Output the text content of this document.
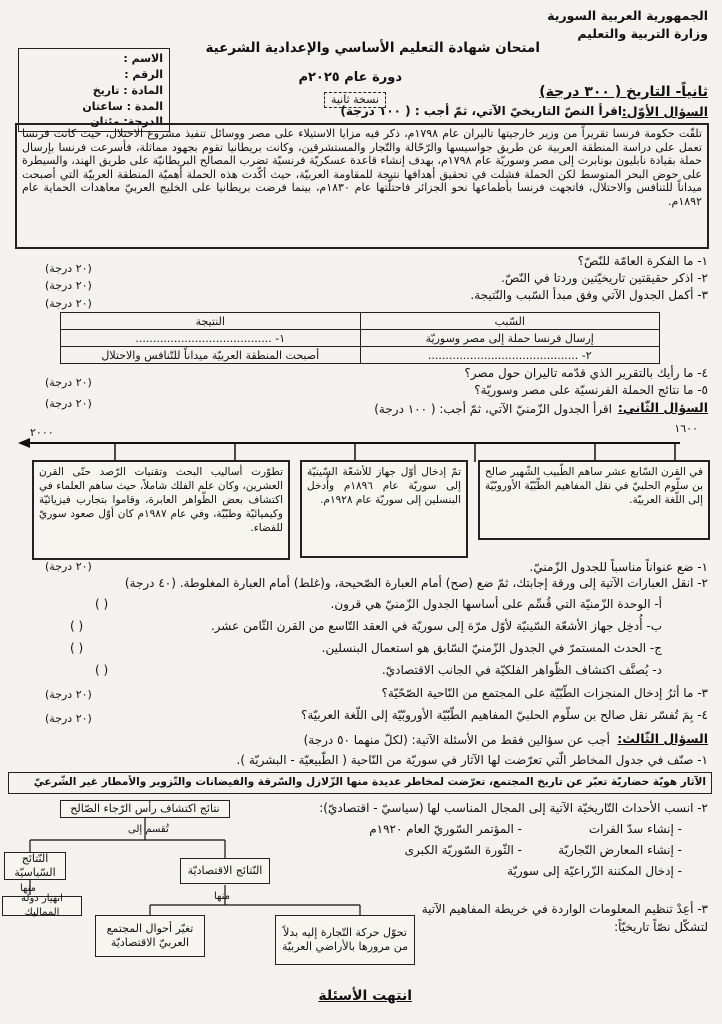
الجمهورية العربية السورية
وزارة التربية والتعليم
امتحان شهادة التعليم الأساسي والإعدادية الشرعية
دورة عام ٢٠٢٥م
نسخة ثانية
الاسم :
الرقم :
المادة : تاريخ
المدة : ساعتان
الدرجة: مئتان
ثانياً- التاريخ ( ٣٠٠ درجة)
السؤال الأوّل:
اقرأ النصّ التاريخيّ الآتي، ثمّ أجب : ( ١٠٠ درجة)
تلقّت حكومة فرنسا تقريراً من وزير خارجيتها تاليران عام ١٧٩٨م، ذكر فيه مزايا الاستيلاء على مصر ووسائل تنفيذ مشروع الاحتلال، حيث كانت فرنسا تعمل على دراسة المنطقة العربية عن طريق جواسيسها والرّحّالة والتّجار والمستشرقين، وكانت بريطانيا تقوم بجهود مماثلة، فأسرعت فرنسا بإرسال حملة بقيادة نابليون بونابرت إلى مصر وسوريّة عام ١٧٩٨م، بهدف إنشاء قاعدة عسكريّة فرنسيّة تضرب المصالح البريطانيّة على طريق الهند، والسيطرة على حوض البحر المتوسط لكن الحملة فشلت في تحقيق أهدافها نتيجة للمقاومة العربيّة، حيث أكّدت هذه الحملة أهميّة المنطقة العربيّة التي أصبحت ميداناً للتنافس والاحتلال، فاتجهت فرنسا بأطماعها نحو الجزائر فاحتلّتها عام ١٨٣٠م، بينما فرضت بريطانيا على الخليج العربيّ معاهدات الحماية عام ١٨٩٢م.
١- ما الفكرة العامّة للنّصّ؟
(٢٠ درجة)
٢- اذكر حقيقتين تاريخيّتين وردتا في النّصّ.
(٢٠ درجة)
٣- أكمل الجدول الآتي وفق مبدأ السّبب والنّتيجة.
(٢٠ درجة)
السّبب	النتيجة
إرسال فرنسا حملة إلى مصر وسوريّة	١- .......................................
٢- ...........................................	أصبحت المنطقة العربيّة ميداناً للتّنافس والاحتلال
٤- ما رأيك بالتقرير الذي قدّمه تاليران حول مصر؟
(٢٠ درجة)
٥- ما نتائج الحملة الفرنسيّة على مصر وسوريّة؟
(٢٠ درجة)	السؤال الثّاني:
اقرأ الجدول الزّمنيّ الآتي، ثمّ أجب: ( ١٠٠ درجة)
١٦٠٠
٢٠٠٠
في القرن السّابع عشر ساهم الطّبيب الشّهير صالح بن سلّوم الحلبيّ في نقل المفاهيم الطّبّيّة الأوروبّيّة إلى اللّغة العربيّة.
تمّ إدخال أوّل جهاز للأشعّة السّينيّة إلى سوريّة عام ١٨٩٦م وأُدخل البنسلين إلى سوريّة عام ١٩٢٨م.
تطوّرت أساليب البحث وتقنيات الرّصد حتّى القرن العشرين، وكان علم الفلك شاملاً، حيث ساهم العلماء في اكتشاف بعض الظّواهر العابرة، وقاموا بتجارب فيزيائيّة وكيميائيّة وطبّيّة، وفي عام ١٩٨٧م كان أوّل صعود سوريّ للفضاء.
١- ضع عنواناً مناسباً للجدول الزّمنيّ.
(٢٠ درجة)
٢- انقل العبارات الآتية إلى ورقة إجابتك، ثمّ ضع (صح) أمام العبارة الصّحيحة، و(غلط) أمام العبارة المغلوطة. (٤٠ درجة)
أ- الوحدة الزّمنيّة التي قُسِّم على أساسها الجدول الزّمنيّ هي قرون.
( )
ب- أُدخِل جهاز الأشعّة السّينيّة لأوّل مرّة إلى سوريّة في العقد التّاسع من القرن الثّامن عشر.
( )
ج- الحدث المستمرّ في الجدول الزّمنيّ السّابق هو استعمال البنسلين.
( )
د- يُصنَّف اكتشاف الظّواهر الفلكيّة في الجانب الاقتصاديّ.
( )
٣- ما أثرُ إدخال المنجزات الطّبّيّة على المجتمع من النّاحية الصّحّيّة؟
(٢٠ درجة)
٤- بِمَ تُفسّر نقل صالح بن سلّوم الحلبيّ المفاهيم الطّبّيّة الأوروبّيّة إلى اللّغة العربيّة؟
(٢٠ درجة)
السؤال الثّالث:
أجب عن سؤالين فقط من الأسئلة الآتية: (لكلّ منهما ٥٠ درجة)
١- صنّف في جدول المخاطر الّتي تعرّضت لها الآثار في سوريّة من النّاحية ( الطّبيعيّة - البشريّة ).
الآثار هويّة حضاريّة تعبّر عن تاريخ المجتمع، تعرّضت لمخاطر عديدة منها الزّلازل والسّرقة والفيضانات والتّزوير والأمطار غير الشّرعيّ
٢- انسب الأحداث التّاريخيّة الآتية إلى المجال المناسب لها (سياسيّ - اقتصاديّ):
- إنشاء سدّ الفرات
- المؤتمر السّوريّ العام ١٩٢٠م
- إنشاء المعارض التّجاريّة
- الثّورة السّوريّة الكبرى
- إدخال المكننة الزّراعيّة إلى سوريّة
٣- أعِدْ تنظيم المعلومات الواردة في خريطة المفاهيم الآتية لتشكّل نصّاً تاريخيّاً:
نتائج اكتشاف رأس الرّجاء الصّالح
تُقسم إلى
النّتائج السّياسيّة	النّتائج الاقتصاديّة
منها
منها
انهيار دولة المماليك
تحوّل حركة التّجارة إليه بدلاً من مرورها بالأراضي العربيّة
تغيّر أحوال المجتمع العربيّ الاقتصاديّة
انتهت الأسئلة
